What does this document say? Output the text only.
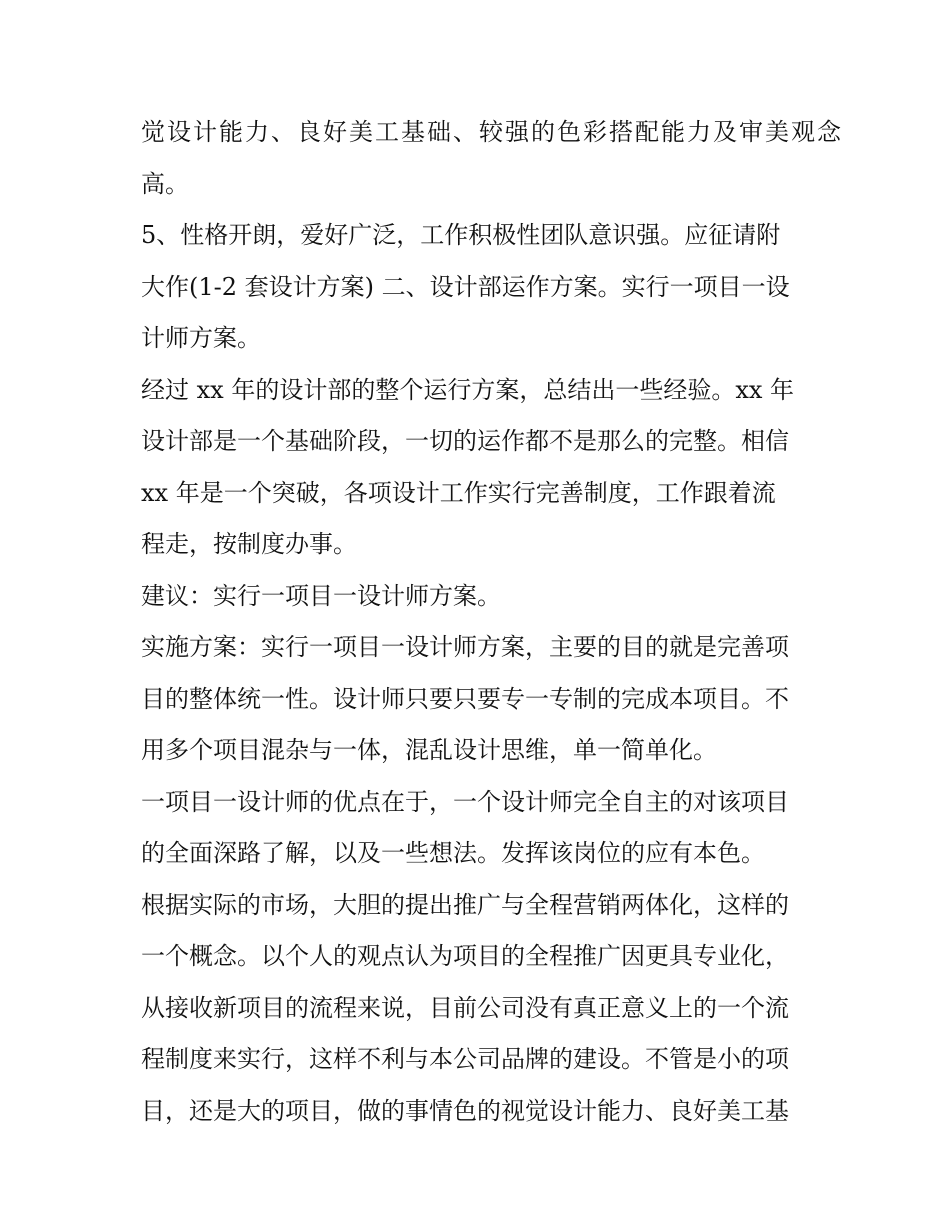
觉设计能力、良好美工基础、较强的色彩搭配能力及审美观念
高。
5、性格开朗，爱好广泛，工作积极性团队意识强。应征请附
大作(1-2 套设计方案) 二、设计部运作方案。实行一项目一设
计师方案。
经过 xx 年的设计部的整个运行方案，总结出一些经验。xx 年
设计部是一个基础阶段，一切的运作都不是那么的完整。相信
xx 年是一个突破，各项设计工作实行完善制度，工作跟着流
程走，按制度办事。
建议：实行一项目一设计师方案。
实施方案：实行一项目一设计师方案，主要的目的就是完善项
目的整体统一性。设计师只要只要专一专制的完成本项目。不
用多个项目混杂与一体，混乱设计思维，单一简单化。
一项目一设计师的优点在于，一个设计师完全自主的对该项目
的全面深路了解，以及一些想法。发挥该岗位的应有本色。
根据实际的市场，大胆的提出推广与全程营销两体化，这样的
一个概念。以个人的观点认为项目的全程推广因更具专业化，
从接收新项目的流程来说，目前公司没有真正意义上的一个流
程制度来实行，这样不利与本公司品牌的建设。不管是小的项
目，还是大的项目，做的事情色的视觉设计能力、良好美工基
